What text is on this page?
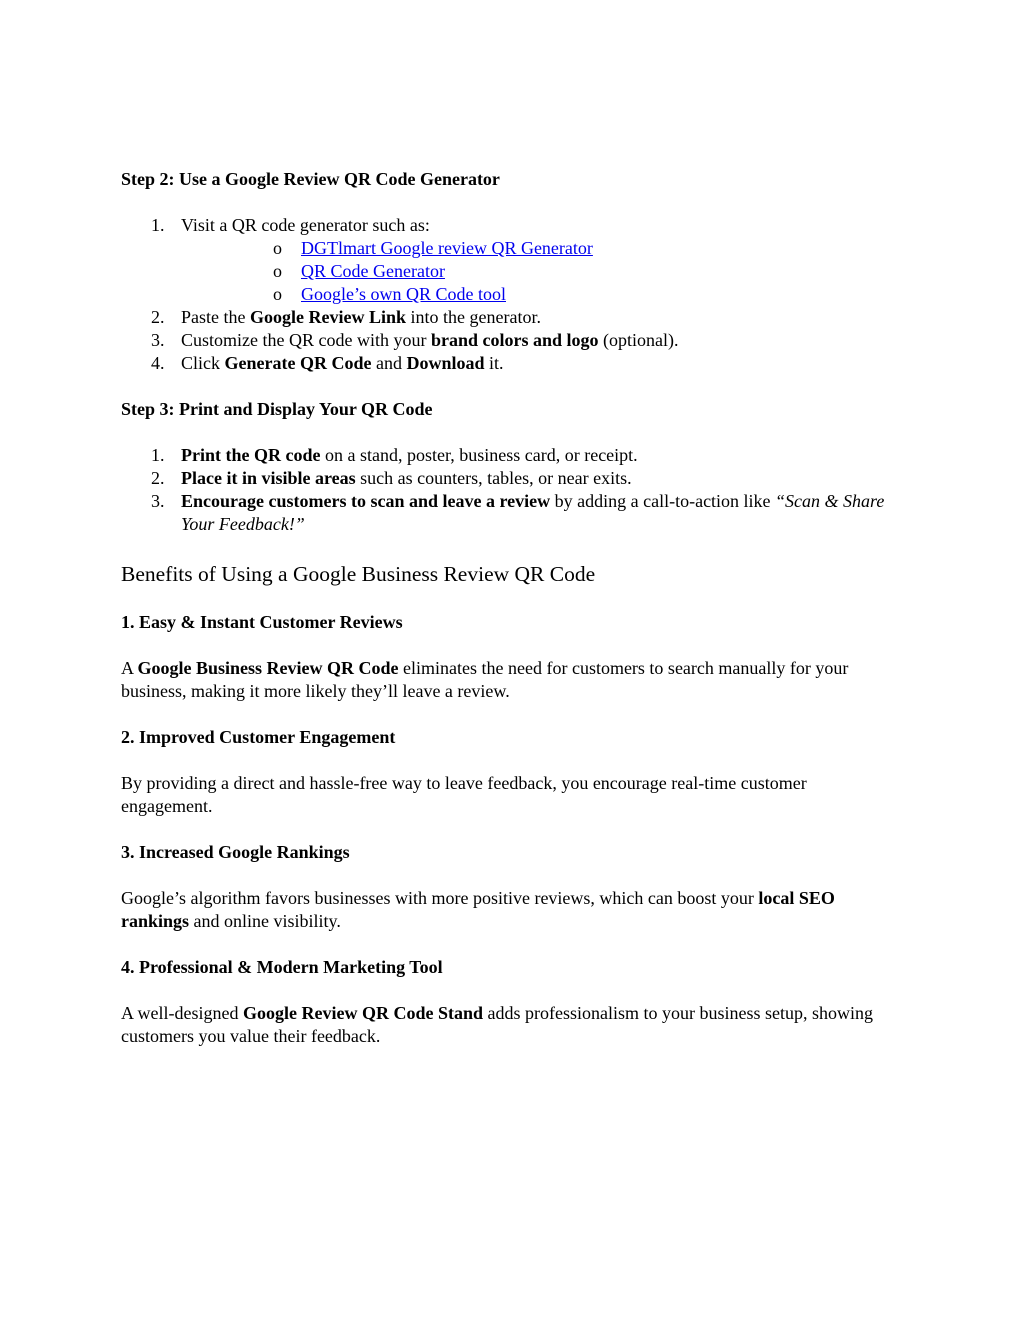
Step 2: Use a Google Review QR Code Generator
1. Visit a QR code generator such as:
o DGTlmart Google review QR Generator
o QR Code Generator
o Google’s own QR Code tool
2. Paste the Google Review Link into the generator.
3. Customize the QR code with your brand colors and logo (optional).
4. Click Generate QR Code and Download it.
Step 3: Print and Display Your QR Code
1. Print the QR code on a stand, poster, business card, or receipt.
2. Place it in visible areas such as counters, tables, or near exits.
3. Encourage customers to scan and leave a review by adding a call-to-action like “Scan & Share Your Feedback!”
Benefits of Using a Google Business Review QR Code
1. Easy & Instant Customer Reviews

A Google Business Review QR Code eliminates the need for customers to search manually for your business, making it more likely they’ll leave a review.

2. Improved Customer Engagement

By providing a direct and hassle-free way to leave feedback, you encourage real-time customer engagement.

3. Increased Google Rankings

Google’s algorithm favors businesses with more positive reviews, which can boost your local SEO rankings and online visibility.

4. Professional & Modern Marketing Tool

A well-designed Google Review QR Code Stand adds professionalism to your business setup, showing customers you value their feedback.
